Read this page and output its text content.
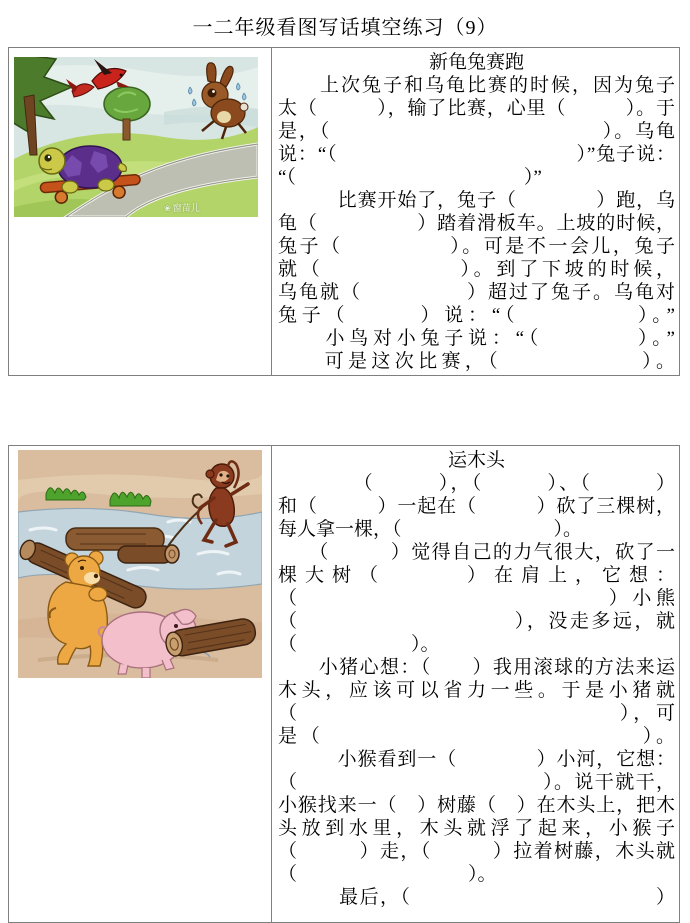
一二年级看图写话填空练习（9）
❀ 窗苗儿
新龟兔赛跑
　　上次兔子和乌龟比赛的时候，因为兔子
太（　　　），输了比赛，心里（　　　）。于
是，（　　　　　　　　　　　　　）。乌龟
说：“（　　　　　　　　　　　　）”兔子说：
“（　　　　　　　　　　　　）”
　　　比赛开始了，兔子（　　　　）跑，乌
龟（　　　　　）踏着滑板车。上坡的时候，
兔子（　　　　　）。可是不一会儿，兔子
就（　　　　　　）。到了下坡的时候，
乌龟就（　　　　　）超过了兔子。乌龟对
兔子（　　　）说：“（　　　　　）。”
　　小鸟对小兔子说：“（　　　　）。”
　　可是这次比赛，（　　　　　　）。
运木头
　　　　（　　　），（　　　）、（　　　）
和（　　　）一起在（　　　）砍了三棵树，
每人拿一棵，（　　　　　　　　）。
　　（　　　）觉得自己的力气很大，砍了一
棵大树（　　　）在肩上，它想：
（　　　　　　　　　　　　　）小熊
（　　　　　　　　　　），没走多远，就
（　　　　　　）。
　　小猪心想：（　　）我用滚球的方法来运
木头，应该可以省力一些。于是小猪就
（　　　　　　　　　　　　　　），可
是（　　　　　　　　　　　　　　）。
　　　小猴看到一（　　　　）小河，它想：
（　　　　　　　　　　　　）。说干就干，
小猴找来一（　）树藤（　）在木头上，把木
头放到水里，木头就浮了起来，小猴子
（　　　）走，（　　　）拉着树藤，木头就
（　　　　　　　　　）。
　　　最后，（　　　　　　　　　　　　）
